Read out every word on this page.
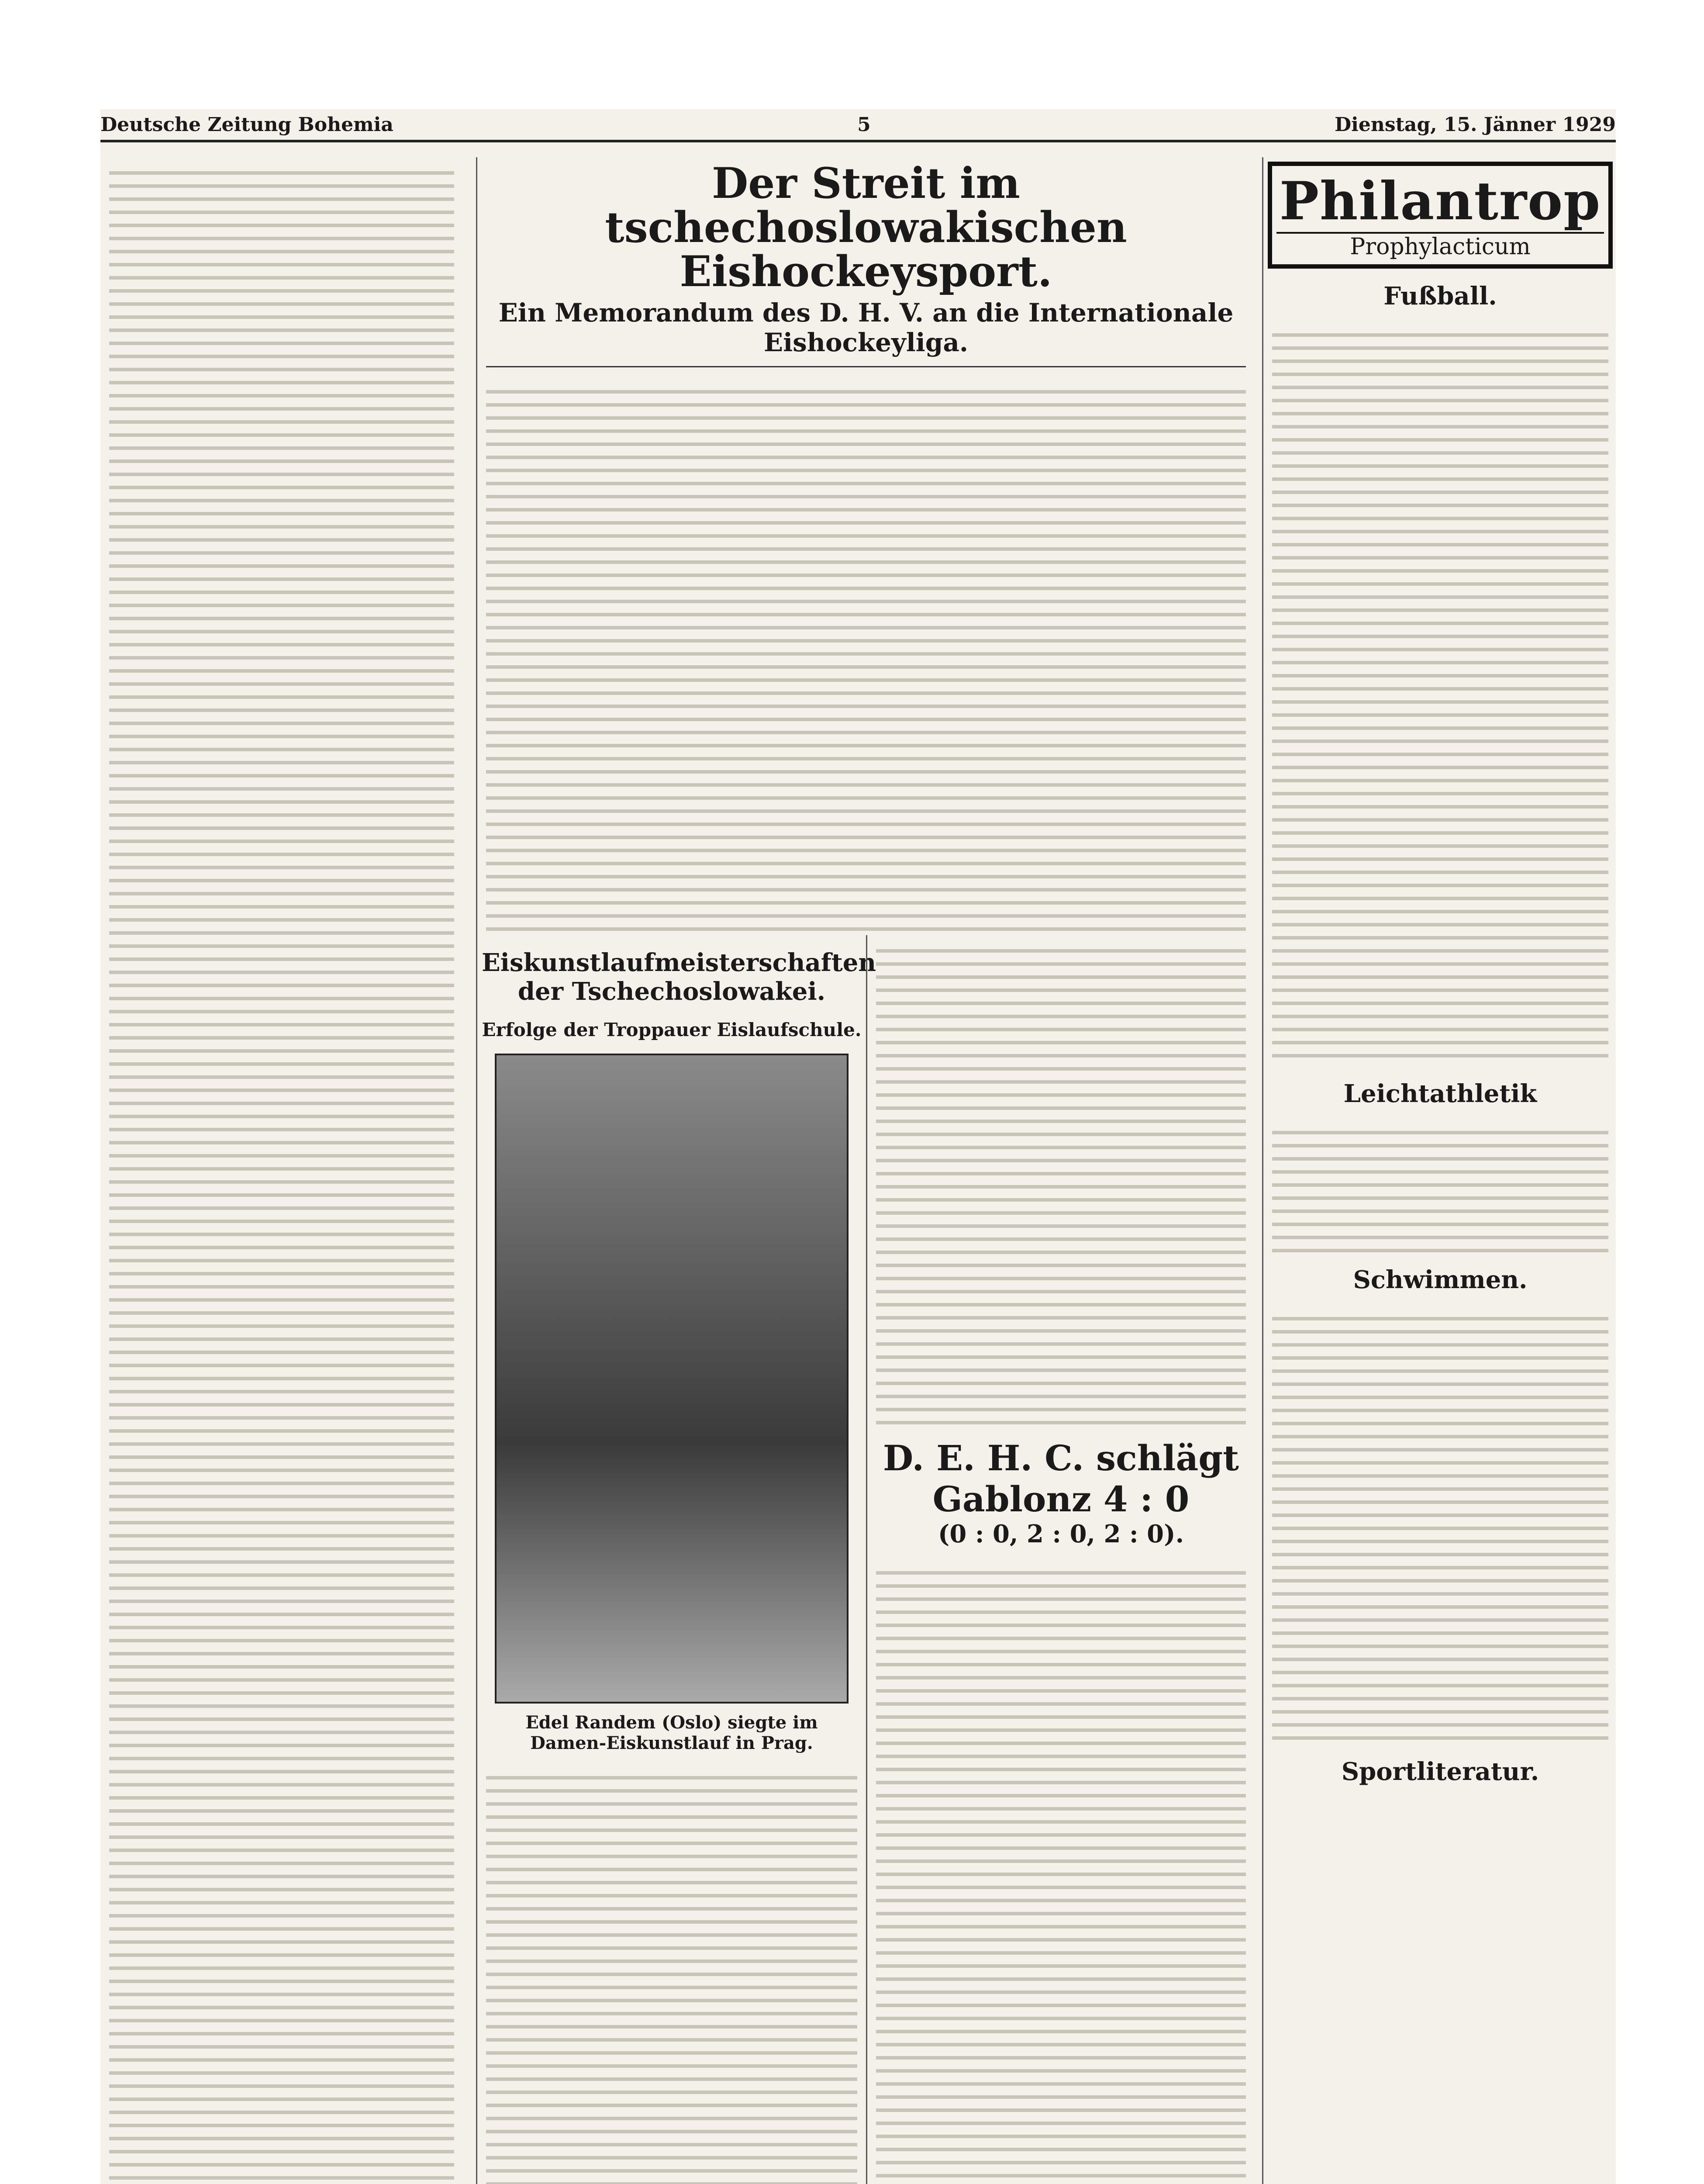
Deutsche Zeitung Bohemia	5	Dienstag, 15. Jänner 1929
Der Streit im tschechoslowakischen Eishockeysport.
Ein Memorandum des D. H. V. an die Internationale Eishockeyliga.
Eiskunstlaufmeisterschaften der Tschechoslowakei.
Erfolge der Troppauer Eislaufschule.
Edel Randem (Oslo) siegte im Damen-Eiskunstlauf in Prag.
D. E. H. C. schlägt Gablonz 4 : 0
(0 : 0, 2 : 0, 2 : 0).
Philantrop
Prophylacticum
Fußball.
Leichtathletik
Schwimmen.
Sportliteratur.
